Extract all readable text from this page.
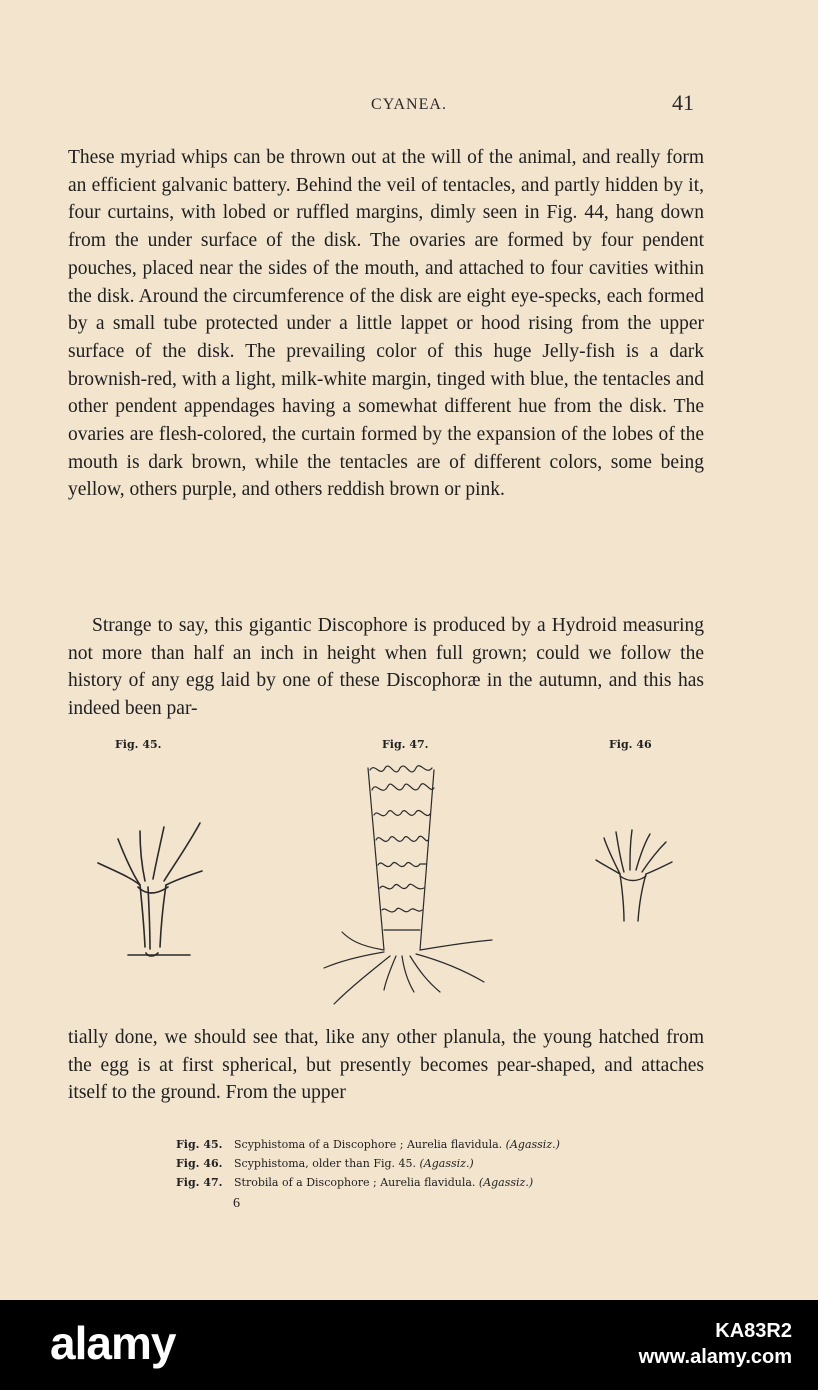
CYANEA.	41
These myriad whips can be thrown out at the will of the animal, and really form an efficient galvanic battery. Behind the veil of tentacles, and partly hidden by it, four curtains, with lobed or ruffled margins, dimly seen in Fig. 44, hang down from the under surface of the disk. The ovaries are formed by four pendent pouches, placed near the sides of the mouth, and attached to four cavities within the disk. Around the circumference of the disk are eight eye-specks, each formed by a small tube protected under a little lappet or hood rising from the upper surface of the disk. The prevailing color of this huge Jelly-fish is a dark brownish-red, with a light, milk-white margin, tinged with blue, the tentacles and other pendent appendages having a somewhat different hue from the disk. The ovaries are flesh-colored, the curtain formed by the expansion of the lobes of the mouth is dark brown, while the tentacles are of different colors, some being yellow, others purple, and others reddish brown or pink.
Strange to say, this gigantic Discophore is produced by a Hydroid measuring not more than half an inch in height when full grown; could we follow the history of any egg laid by one of these Discophoræ in the autumn, and this has indeed been par-
Fig. 45.	Fig. 47.	Fig. 46
tially done, we should see that, like any other planula, the young hatched from the egg is at first spherical, but presently becomes pear-shaped, and attaches itself to the ground. From the upper
Fig. 45. Scyphistoma of a Discophore ; Aurelia flavidula. (Agassiz.)
Fig. 46. Scyphistoma, older than Fig. 45. (Agassiz.)
Fig. 47. Strobila of a Discophore ; Aurelia flavidula. (Agassiz.)
6
alamy	KA83R2
www.alamy.com
